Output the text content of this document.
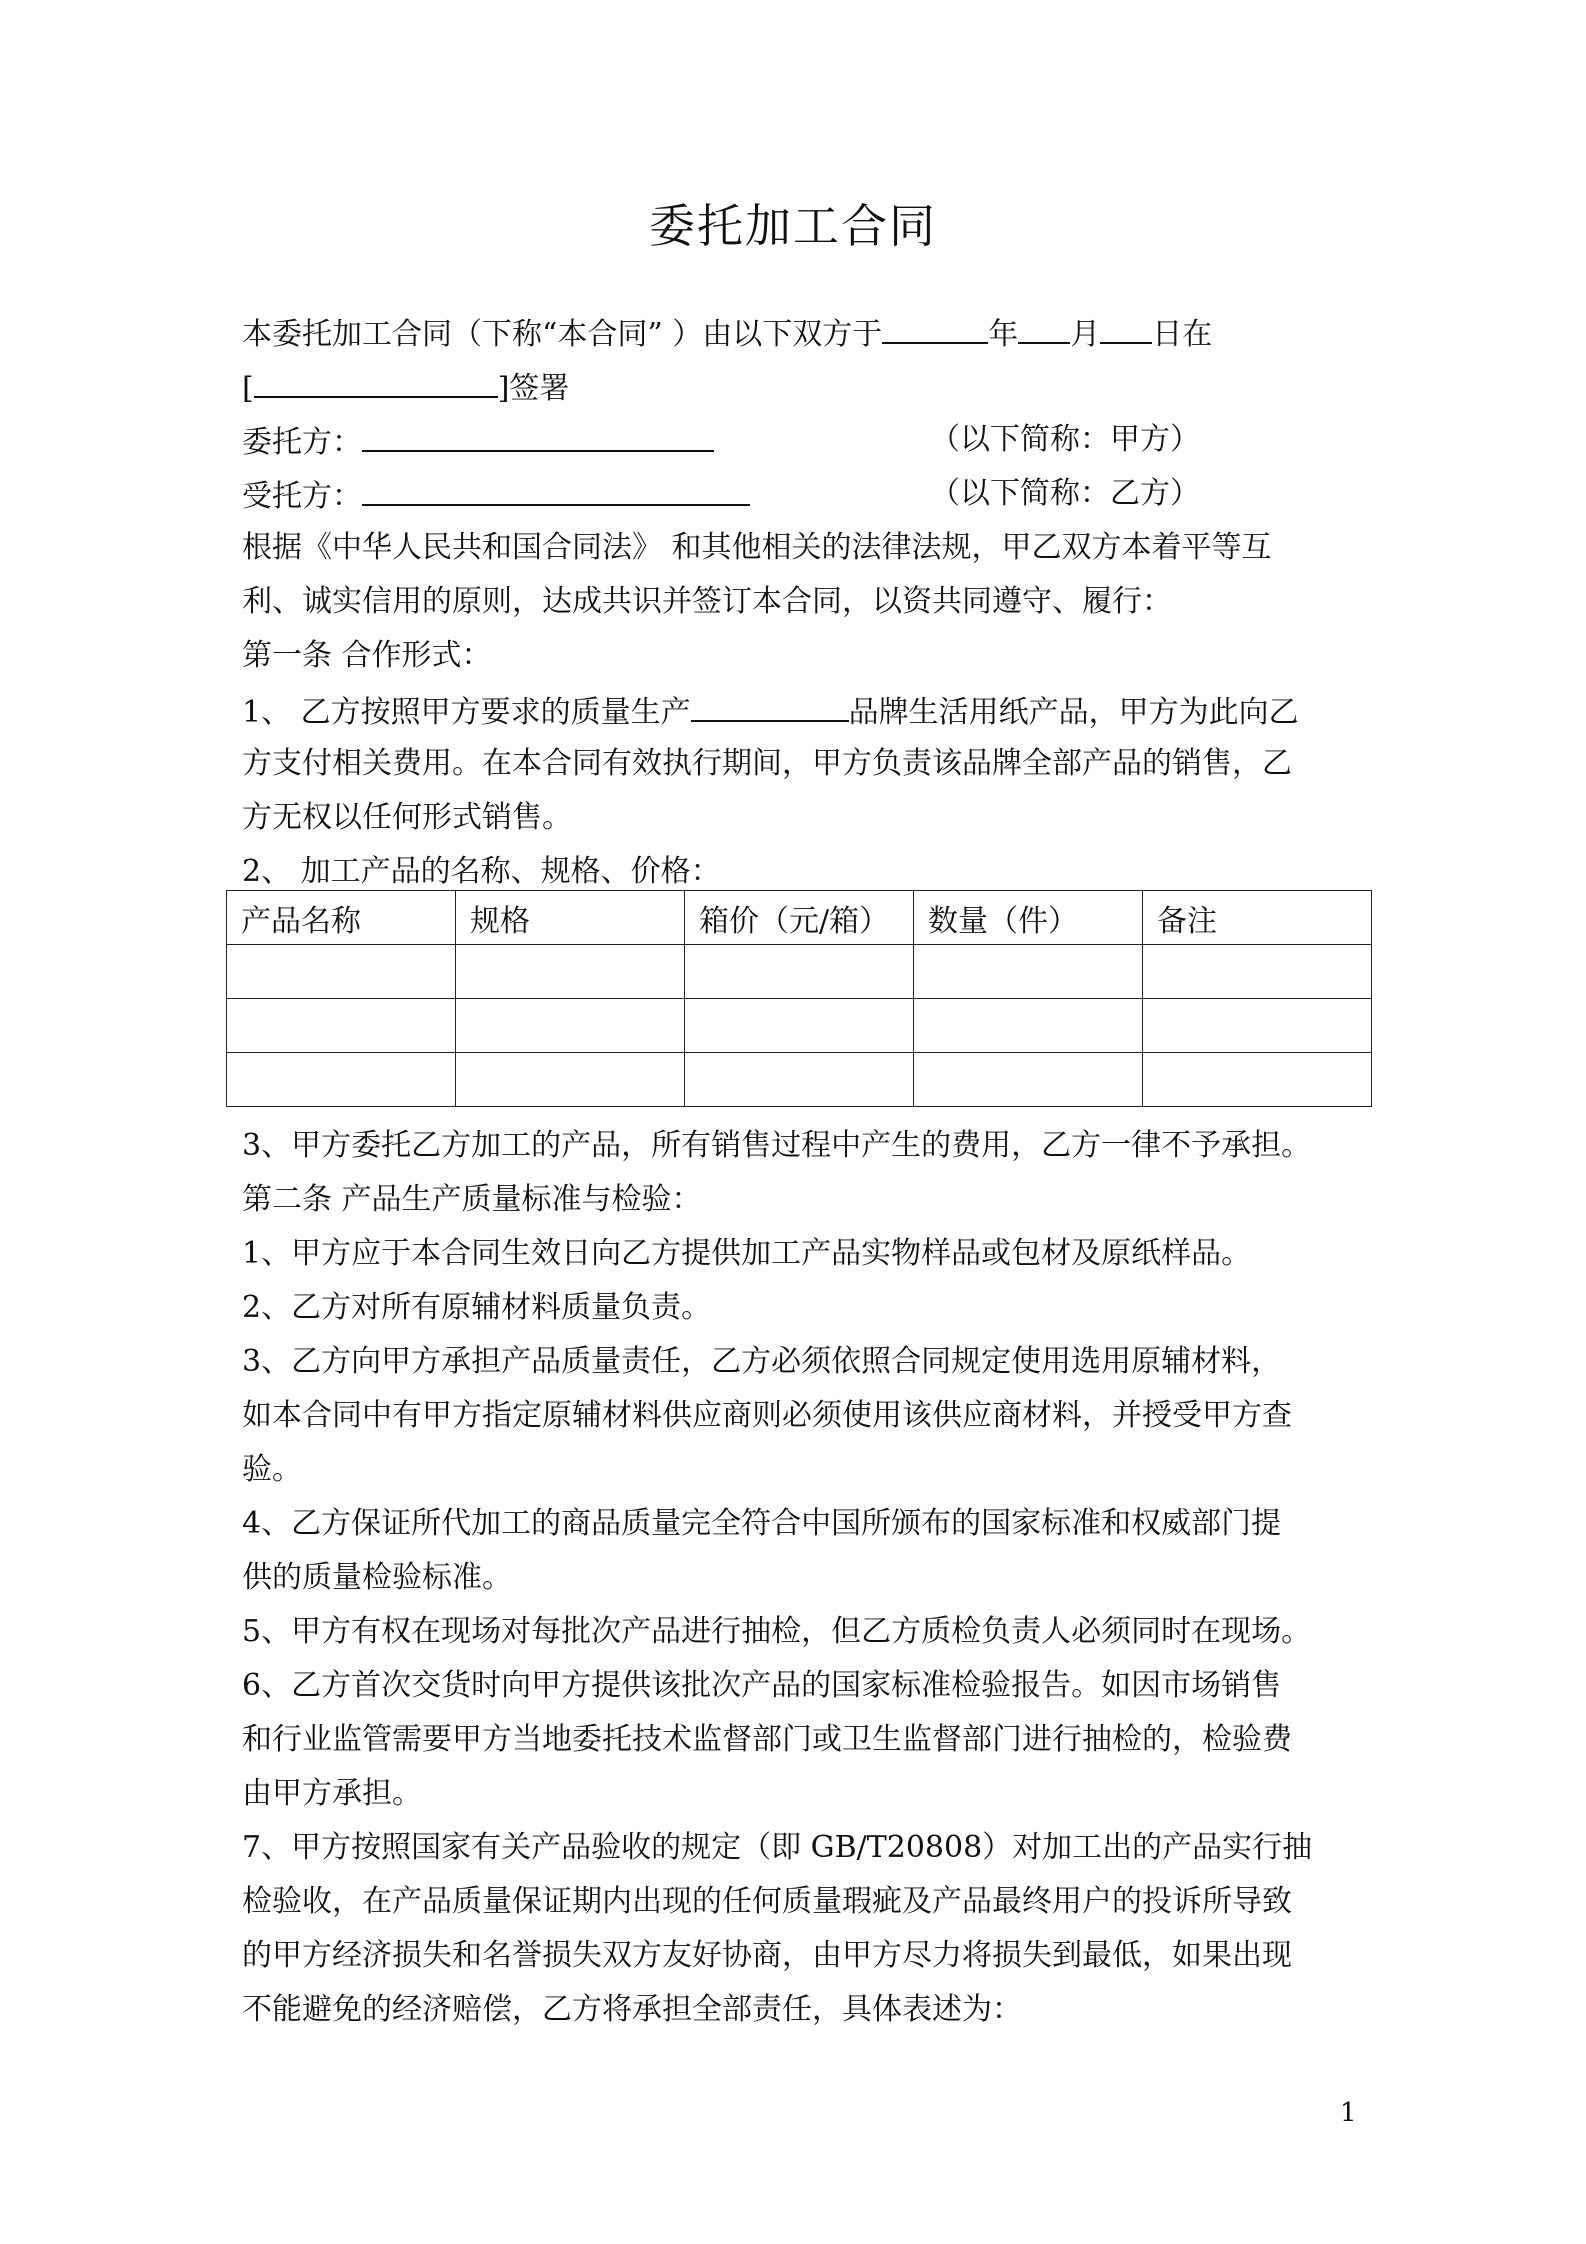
委托加工合同
本委托加工合同（下称“本合同” ）由以下双方于	年 月 日在
[	]签署
委托方：	（以下简称：甲方）
受托方：	（以下简称：乙方）
根据《中华人民共和国合同法》 和其他相关的法律法规，甲乙双方本着平等互
利、诚实信用的原则，达成共识并签订本合同，以资共同遵守、履行：
第一条 合作形式：
1、 乙方按照甲方要求的质量生产	品牌生活用纸产品，甲方为此向乙
方支付相关费用。在本合同有效执行期间，甲方负责该品牌全部产品的销售，乙
方无权以任何形式销售。
2、 加工产品的名称、规格、价格：
产品名称	规格	箱价（元/箱）	数量（件）	备注

3、甲方委托乙方加工的产品，所有销售过程中产生的费用，乙方一律不予承担。
第二条 产品生产质量标准与检验：
1、甲方应于本合同生效日向乙方提供加工产品实物样品或包材及原纸样品。
2、乙方对所有原辅材料质量负责。
3、乙方向甲方承担产品质量责任，乙方必须依照合同规定使用选用原辅材料，
如本合同中有甲方指定原辅材料供应商则必须使用该供应商材料，并授受甲方查
验。
4、乙方保证所代加工的商品质量完全符合中国所颁布的国家标准和权威部门提
供的质量检验标准。
5、甲方有权在现场对每批次产品进行抽检，但乙方质检负责人必须同时在现场。
6、乙方首次交货时向甲方提供该批次产品的国家标准检验报告。如因市场销售
和行业监管需要甲方当地委托技术监督部门或卫生监督部门进行抽检的，检验费
由甲方承担。
7、甲方按照国家有关产品验收的规定（即 GB/T20808）对加工出的产品实行抽
检验收，在产品质量保证期内出现的任何质量瑕疵及产品最终用户的投诉所导致
的甲方经济损失和名誉损失双方友好协商，由甲方尽力将损失到最低，如果出现
不能避免的经济赔偿，乙方将承担全部责任，具体表述为：
1
